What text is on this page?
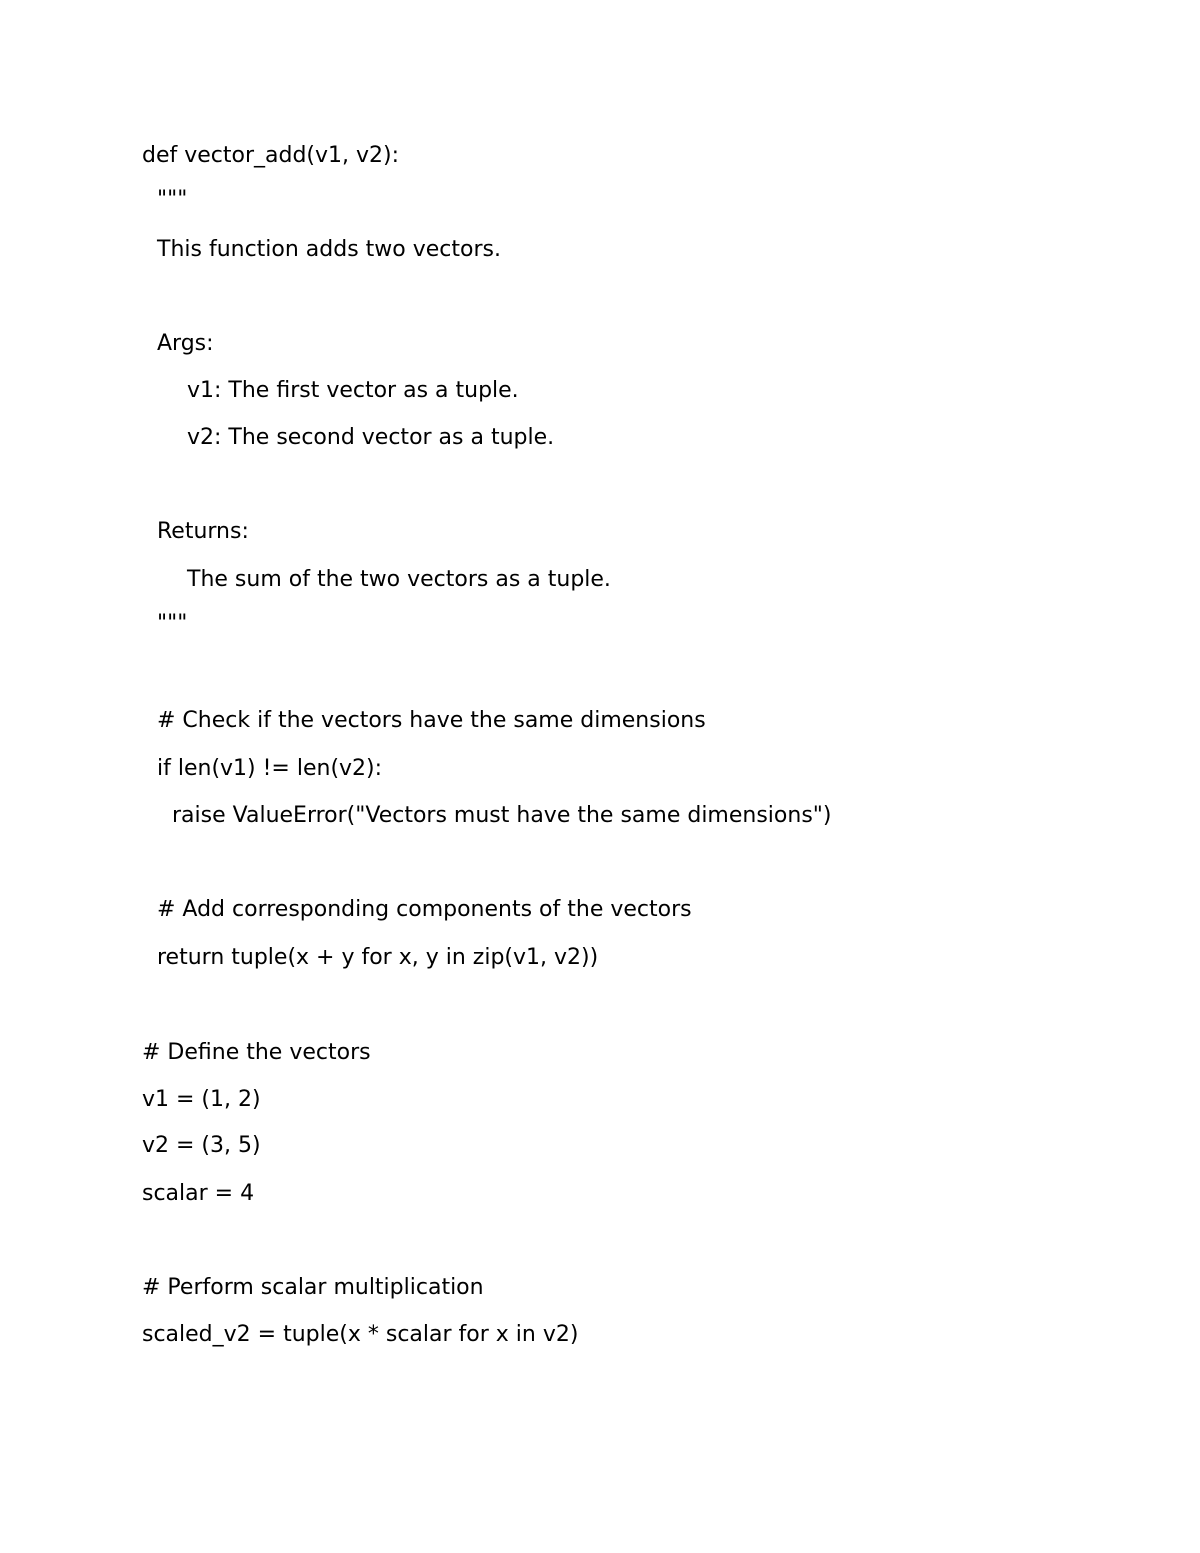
def vector_add(v1, v2):
"""
This function adds two vectors.
Args:
v1: The first vector as a tuple.
v2: The second vector as a tuple.
Returns:
The sum of the two vectors as a tuple.
"""
# Check if the vectors have the same dimensions
if len(v1) != len(v2):
raise ValueError("Vectors must have the same dimensions")
# Add corresponding components of the vectors
return tuple(x + y for x, y in zip(v1, v2))
# Define the vectors
v1 = (1, 2)
v2 = (3, 5)
scalar = 4
# Perform scalar multiplication
scaled_v2 = tuple(x * scalar for x in v2)
